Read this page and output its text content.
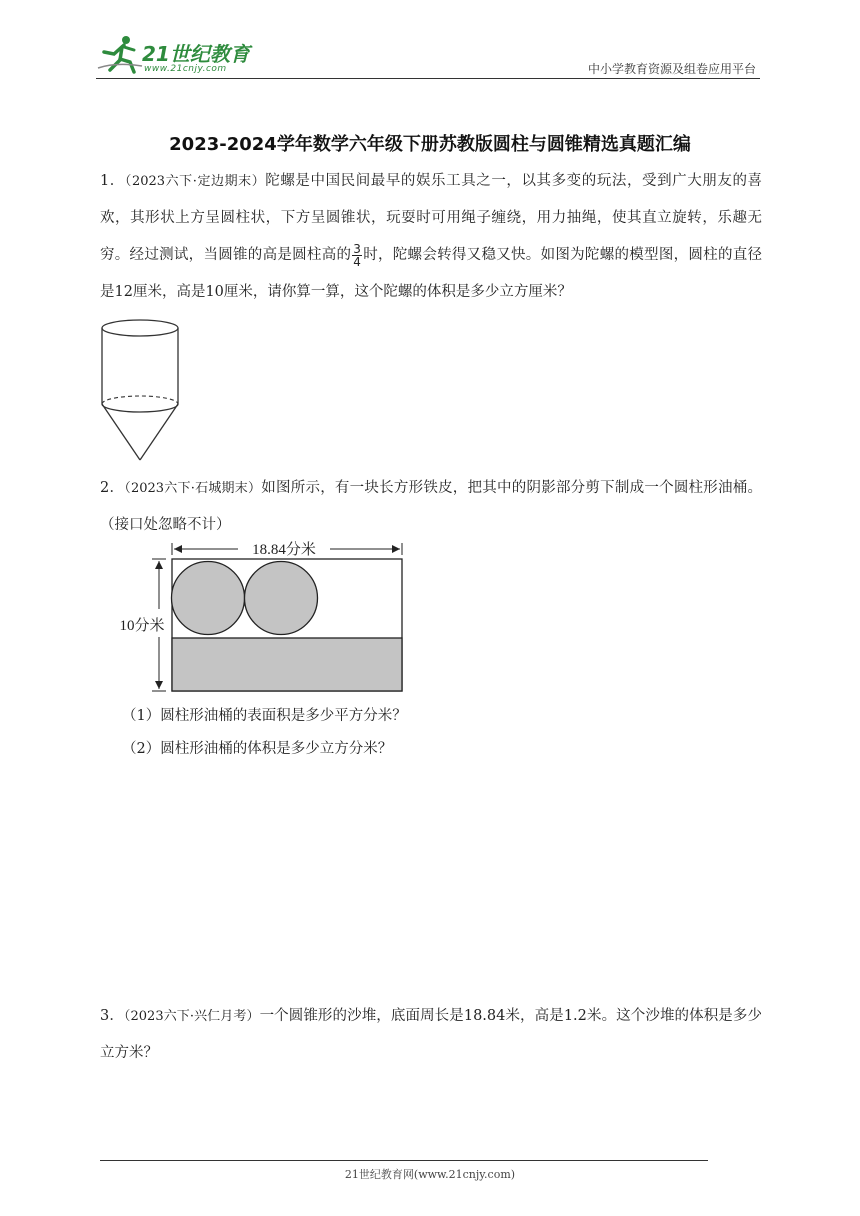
21世纪教育
www.21cnjy.com	中小学教育资源及组卷应用平台
2023-2024学年数学六年级下册苏教版圆柱与圆锥精选真题汇编
1．（2023六下·定边期末）陀螺是中国民间最早的娱乐工具之一，以其多变的玩法，受到广大朋友的喜欢，其形状上方呈圆柱状，下方呈圆锥状，玩耍时可用绳子缠绕，用力抽绳，使其直立旋转，乐趣无穷。经过测试，当圆锥的高是圆柱高的 $\frac{3}{4}$ 时，陀螺会转得又稳又快。如图为陀螺的模型图，圆柱的直径是12厘米，高是10厘米，请你算一算，这个陀螺的体积是多少立方厘米？
2．（2023六下·石城期末）如图所示，有一块长方形铁皮，把其中的阴影部分剪下制成一个圆柱形油桶。（接口处忽略不计）
18.84分米
10分米
（1）圆柱形油桶的表面积是多少平方分米？
（2）圆柱形油桶的体积是多少立方分米？
3．（2023六下·兴仁月考）一个圆锥形的沙堆，底面周长是18.84米，高是1.2米。这个沙堆的体积是多少立方米？
21世纪教育网(www.21cnjy.com)
